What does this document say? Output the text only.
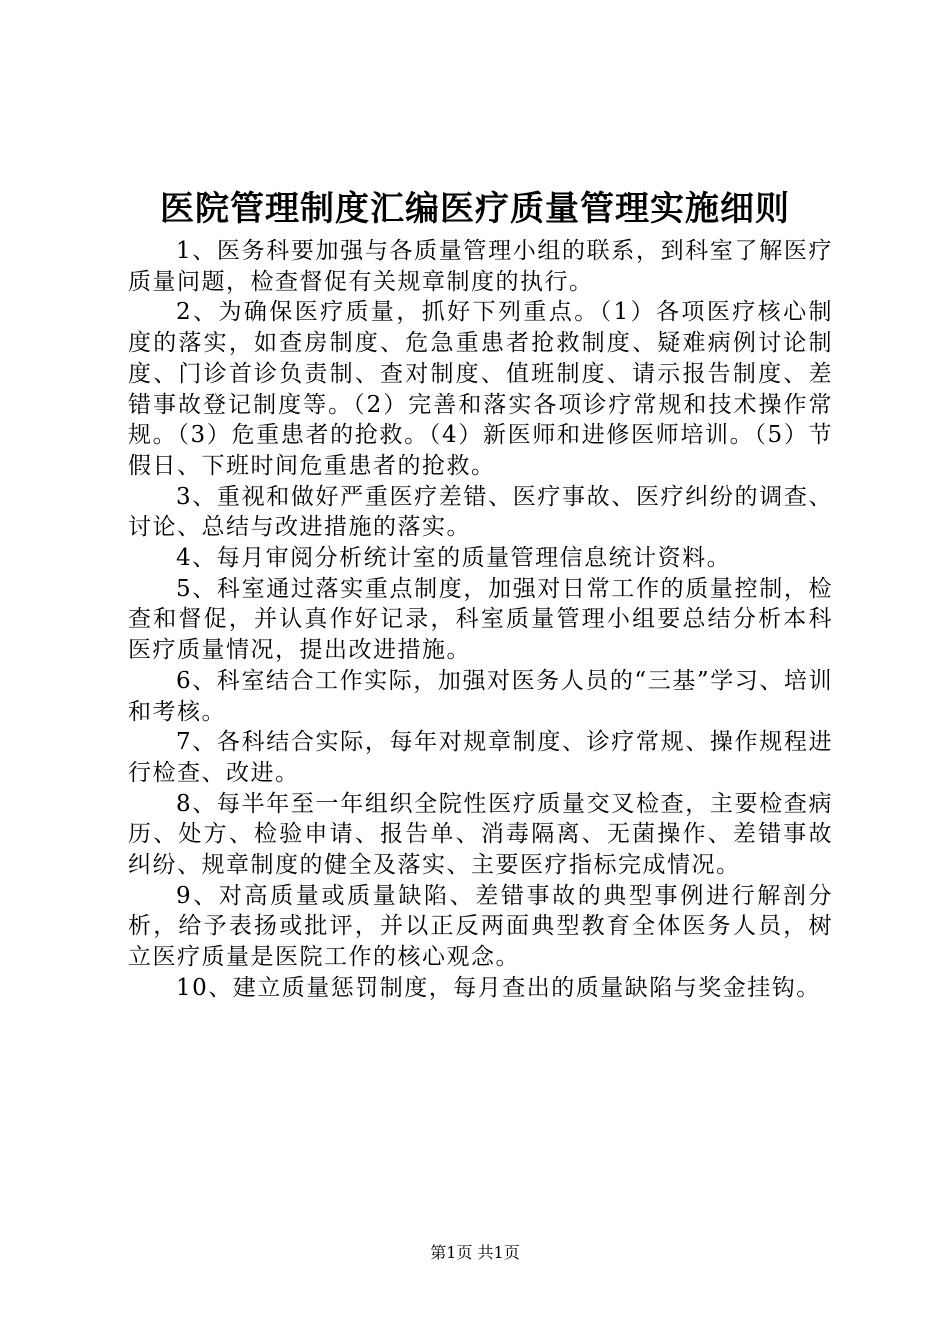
医院管理制度汇编医疗质量管理实施细则

1、医务科要加强与各质量管理小组的联系，到科室了解医疗质量问题，检查督促有关规章制度的执行。

2、为确保医疗质量，抓好下列重点。（1）各项医疗核心制度的落实，如查房制度、危急重患者抢救制度、疑难病例讨论制度、门诊首诊负责制、查对制度、值班制度、请示报告制度、差错事故登记制度等。（2）完善和落实各项诊疗常规和技术操作常规。（3）危重患者的抢救。（4）新医师和进修医师培训。（5）节假日、下班时间危重患者的抢救。

3、重视和做好严重医疗差错、医疗事故、医疗纠纷的调查、讨论、总结与改进措施的落实。

4、每月审阅分析统计室的质量管理信息统计资料。

5、科室通过落实重点制度，加强对日常工作的质量控制，检查和督促，并认真作好记录，科室质量管理小组要总结分析本科医疗质量情况，提出改进措施。

6、科室结合工作实际，加强对医务人员的“三基”学习、培训和考核。

7、各科结合实际，每年对规章制度、诊疗常规、操作规程进行检查、改进。

8、每半年至一年组织全院性医疗质量交叉检查，主要检查病历、处方、检验申请、报告单、消毒隔离、无菌操作、差错事故纠纷、规章制度的健全及落实、主要医疗指标完成情况。

9、对高质量或质量缺陷、差错事故的典型事例进行解剖分析，给予表扬或批评，并以正反两面典型教育全体医务人员，树立医疗质量是医院工作的核心观念。

10、建立质量惩罚制度，每月查出的质量缺陷与奖金挂钩。

第1页 共1页
